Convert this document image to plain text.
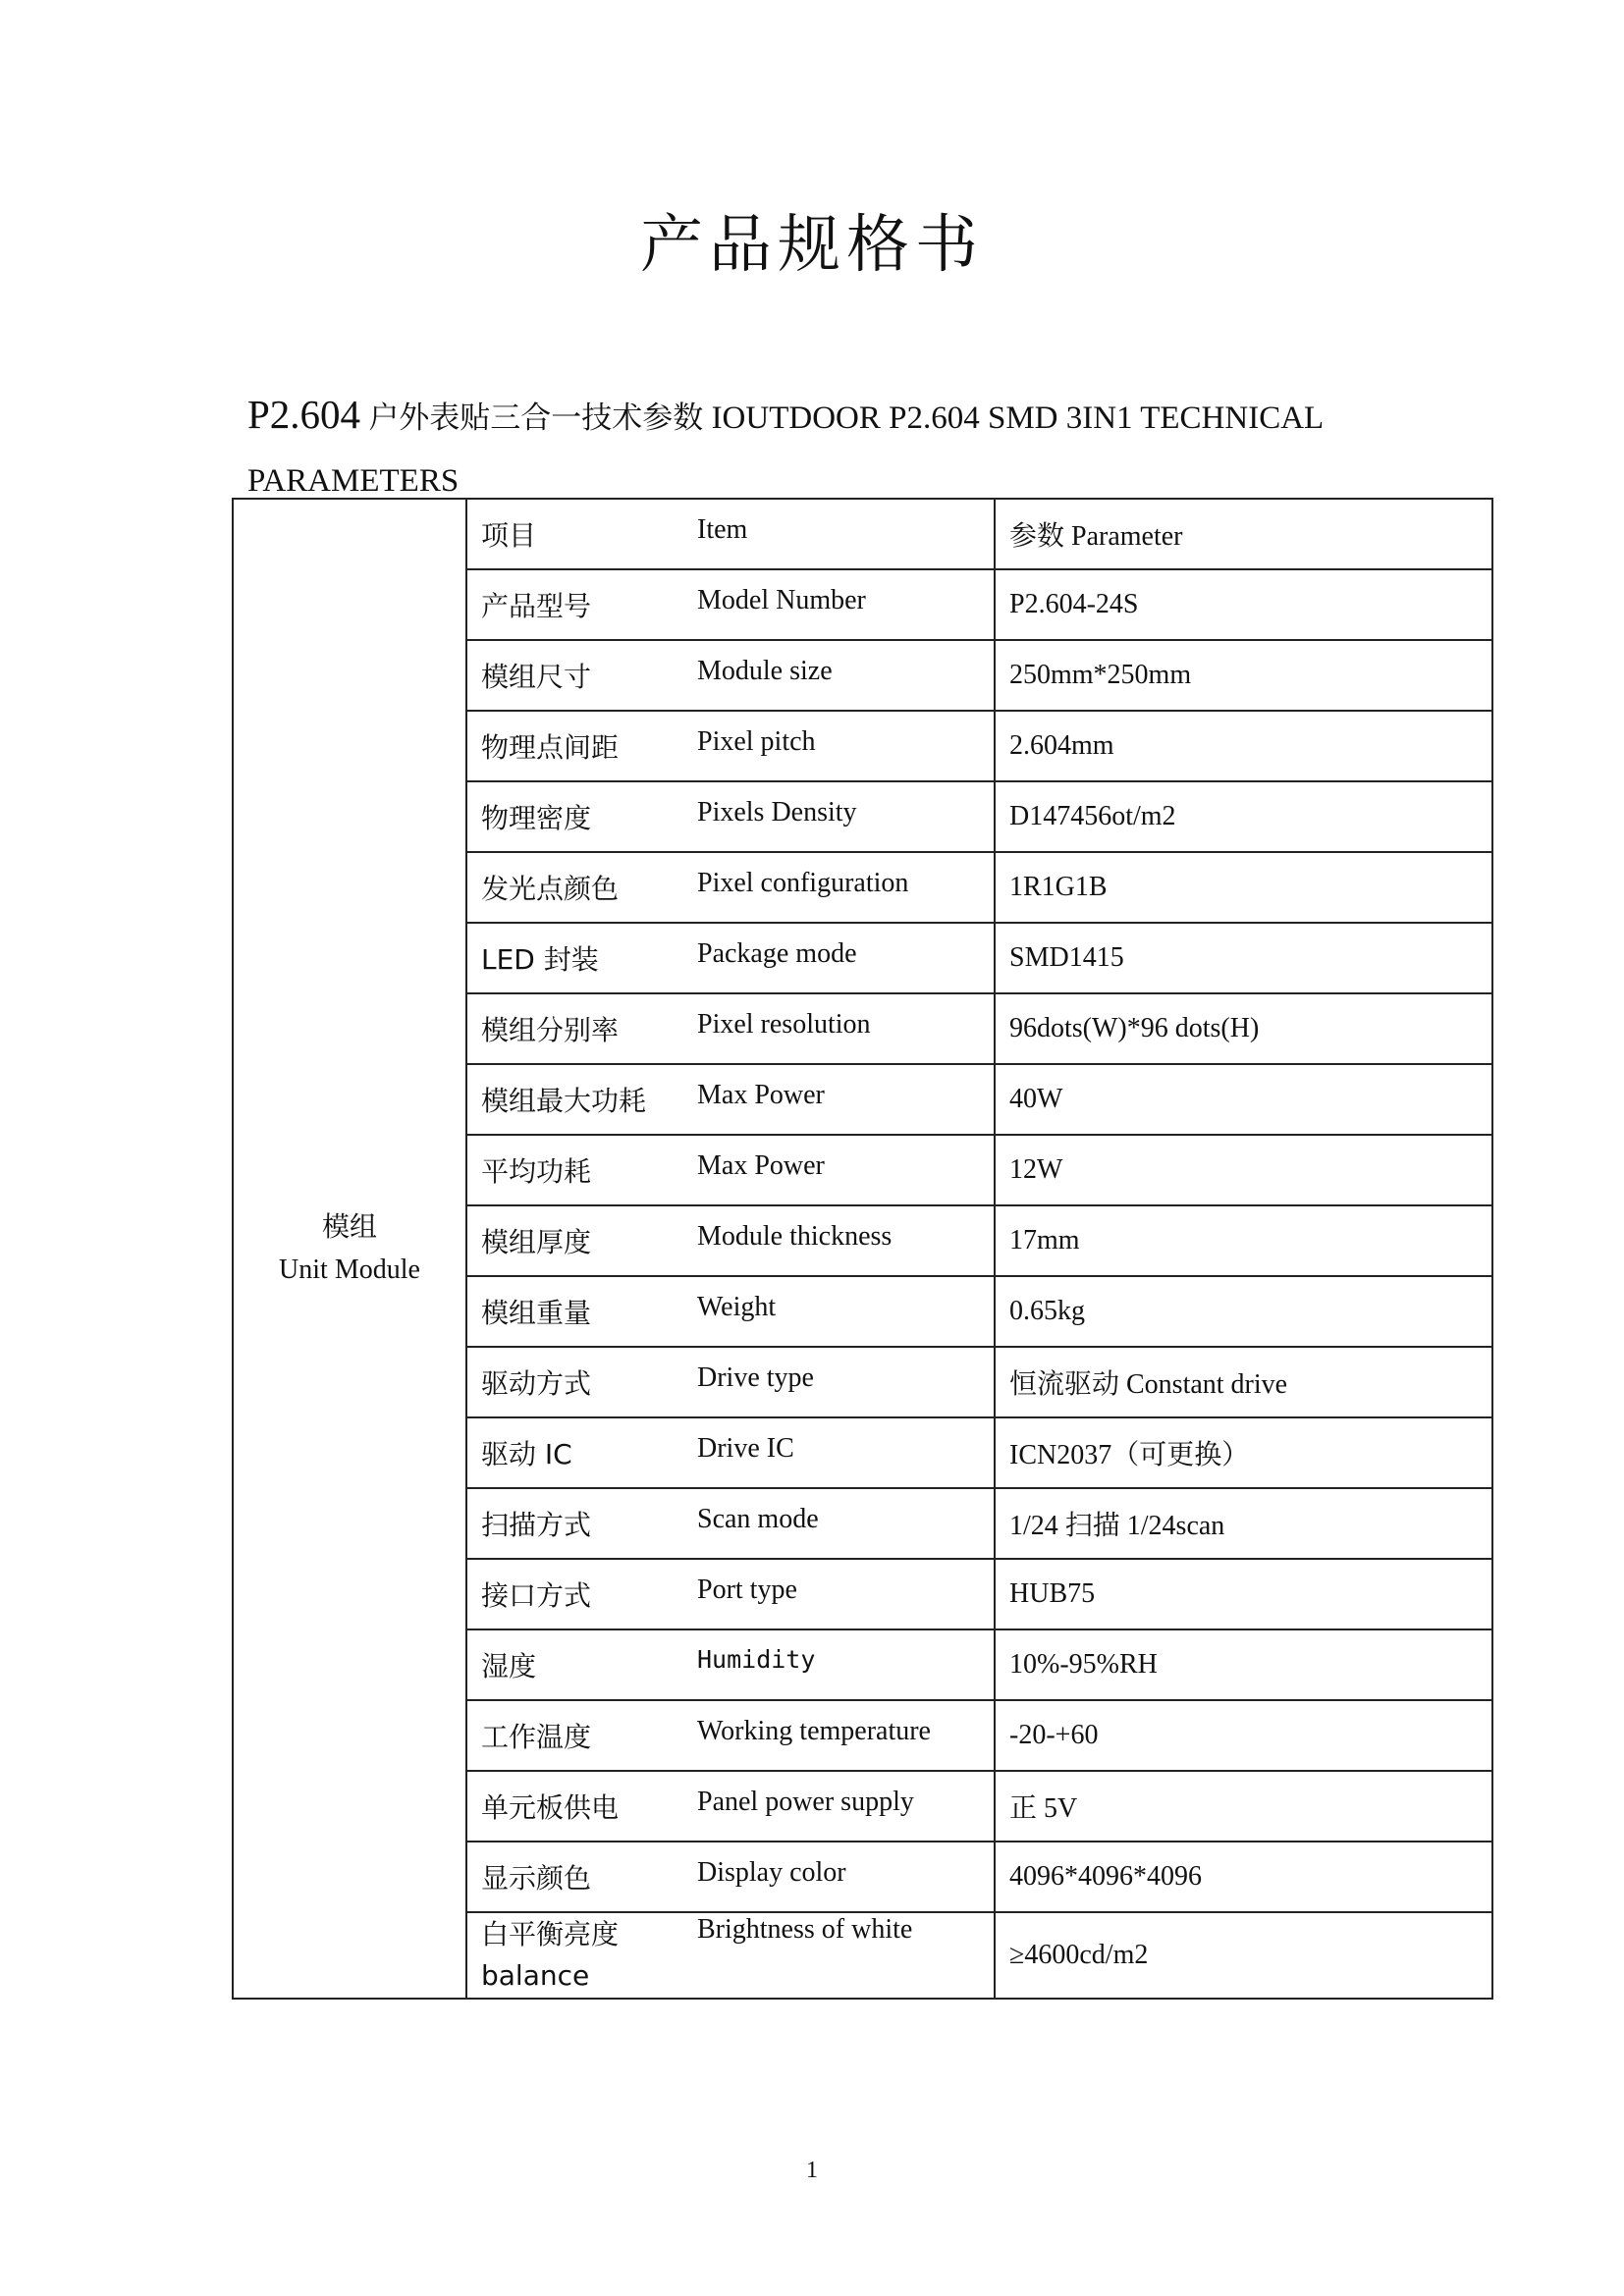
产品规格书

P2.604 户外表贴三合一技术参数 IOUTDOOR P2.604 SMD 3IN1 TECHNICAL PARAMETERS

模组
Unit Module	项目 Item	参数 Parameter
	产品型号 Model Number	P2.604-24S
	模组尺寸 Module size	250mm*250mm
	物理点间距 Pixel pitch	2.604mm
	物理密度 Pixels Density	D147456ot/m2
	发光点颜色 Pixel configuration	1R1G1B
	LED 封装 Package mode	SMD1415
	模组分别率 Pixel resolution	96dots(W)*96 dots(H)
	模组最大功耗 Max Power	40W
	平均功耗 Max Power	12W
	模组厚度 Module thickness	17mm
	模组重量 Weight	0.65kg
	驱动方式 Drive type	恒流驱动 Constant drive
	驱动 IC Drive IC	ICN2037（可更换）
	扫描方式 Scan mode	1/24 扫描 1/24scan
	接口方式 Port type	HUB75
	湿度 Humidity	10%-95%RH
	工作温度 Working temperature	-20-+60
	单元板供电 Panel power supply	正 5V
	显示颜色 Display color	4096*4096*4096
	白平衡亮度 balanceBrightness of white	≥4600cd/m2
1
